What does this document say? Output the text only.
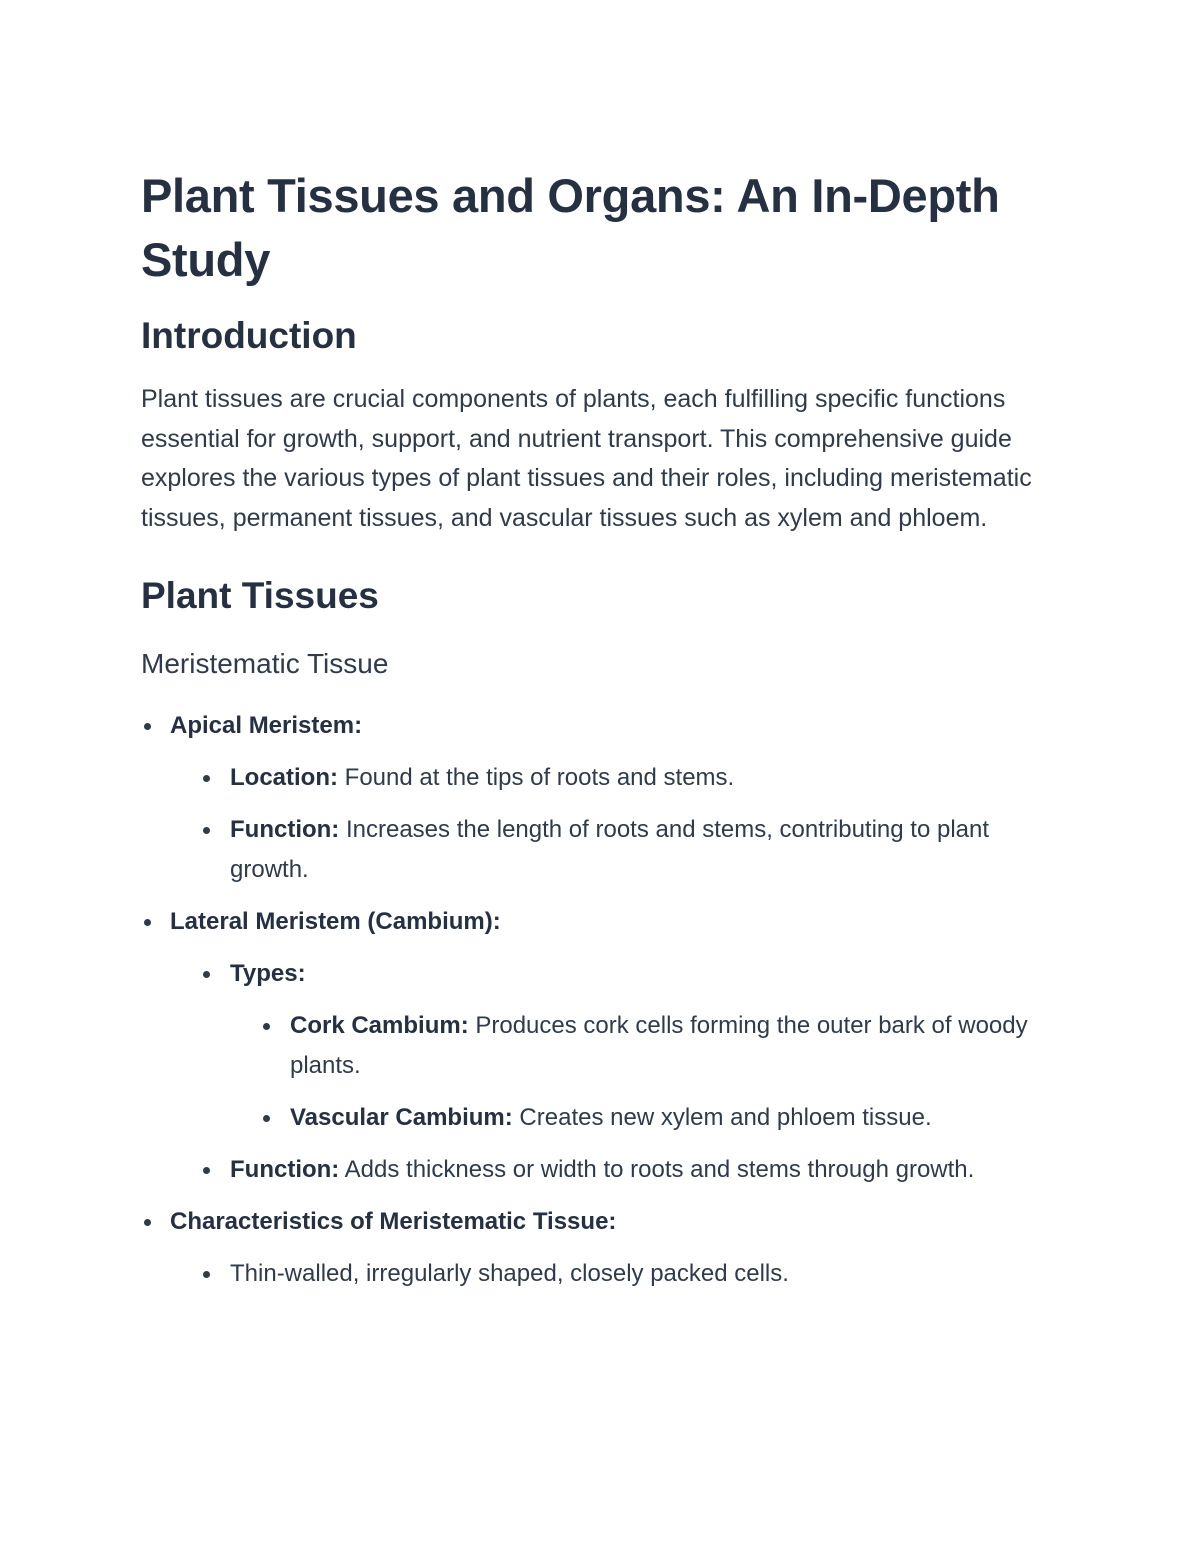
Plant Tissues and Organs: An In-Depth Study
Introduction

Plant tissues are crucial components of plants, each fulfilling specific functions essential for growth, support, and nutrient transport. This comprehensive guide explores the various types of plant tissues and their roles, including meristematic tissues, permanent tissues, and vascular tissues such as xylem and phloem.

Plant Tissues
Meristematic Tissue
Apical Meristem:
Location: Found at the tips of roots and stems.
Function: Increases the length of roots and stems, contributing to plant growth.
Lateral Meristem (Cambium):
Types:
Cork Cambium: Produces cork cells forming the outer bark of woody plants.
Vascular Cambium: Creates new xylem and phloem tissue.
Function: Adds thickness or width to roots and stems through growth.
Characteristics of Meristematic Tissue:
Thin-walled, irregularly shaped, closely packed cells.
